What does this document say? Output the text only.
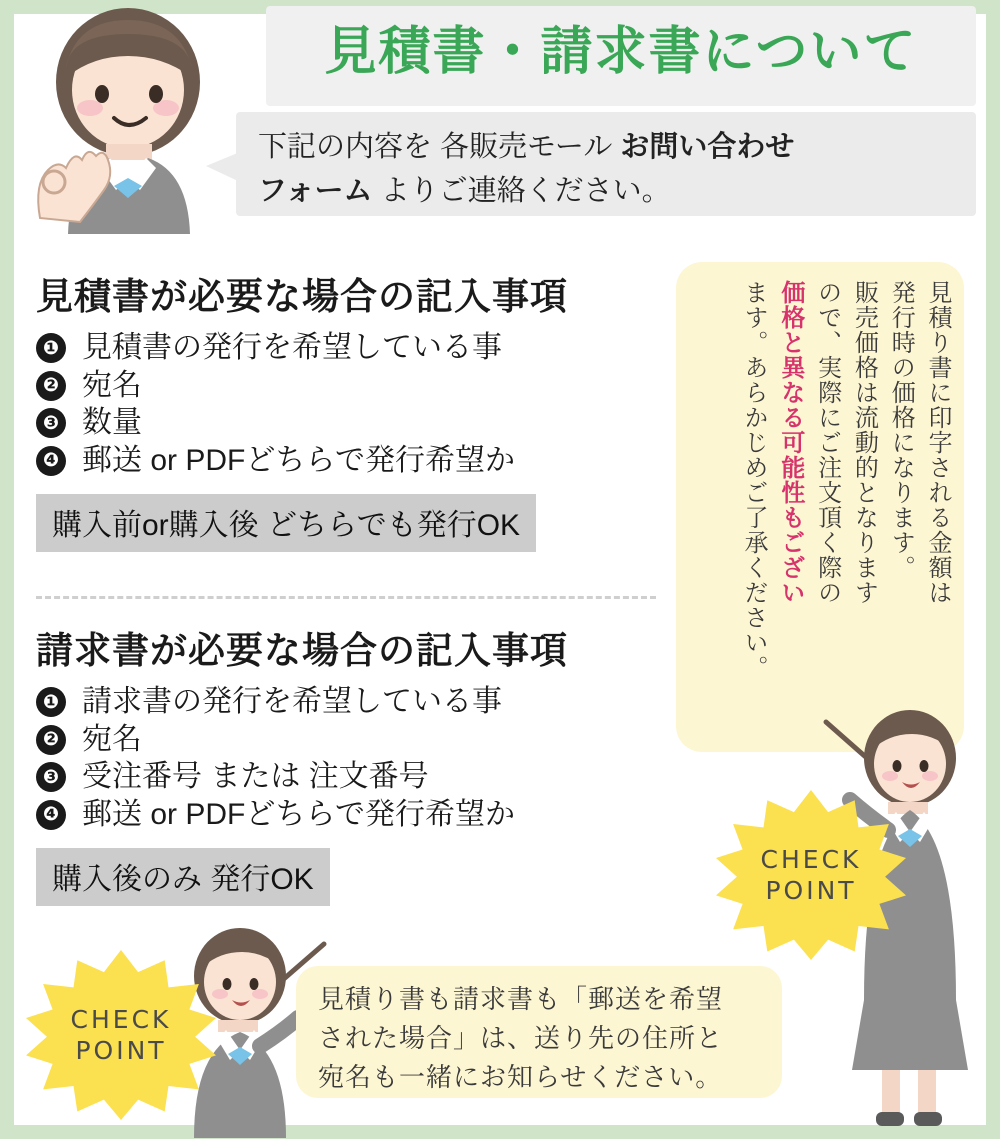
見積書・請求書について
下記の内容を 各販売モール お問い合わせ
フォーム よりご連絡ください。
見積書が必要な場合の記入事項
❶ 見積書の発行を希望している事
❷ 宛名
❸ 数量
❹ 郵送 or PDFどちらで発行希望か
購入前or購入後 どちらでも発行OK
請求書が必要な場合の記入事項
❶ 請求書の発行を希望している事
❷ 宛名
❸ 受注番号 または 注文番号
❹ 郵送 or PDFどちらで発行希望か
購入後のみ 発行OK
見積り書に印字される金額は
発行時の価格になります。
販売価格は流動的となります
ので、実際にご注文頂く際の
価格と異なる可能性もござい
ます。あらかじめご了承ください。
CHECK
POINT
CHECK
POINT
見積り書も請求書も「郵送を希望
された場合」は、送り先の住所と
宛名も一緒にお知らせください。
